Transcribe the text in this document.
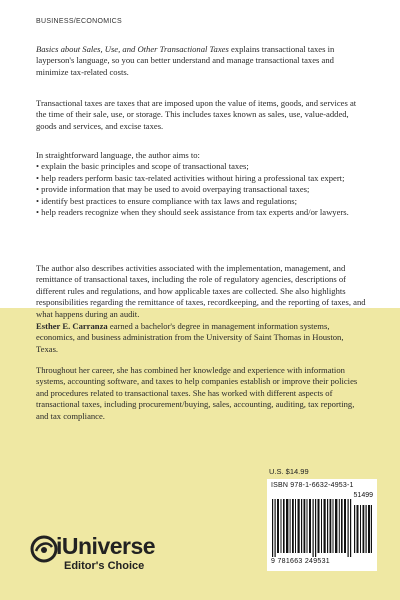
BUSINESS/ECONOMICS

Basics about Sales, Use, and Other Transactional Taxes explains transactional taxes in layperson's language, so you can better understand and manage transactional taxes and minimize tax-related costs.

Transactional taxes are taxes that are imposed upon the value of items, goods, and services at the time of their sale, use, or storage. This includes taxes known as sales, use, value-added, goods and services, and excise taxes.

In straightforward language, the author aims to:
• explain the basic principles and scope of transactional taxes;
• help readers perform basic tax-related activities without hiring a professional tax expert;
• provide information that may be used to avoid overpaying transactional taxes;
• identify best practices to ensure compliance with tax laws and regulations;
• help readers recognize when they should seek assistance from tax experts and/or lawyers.

The author also describes activities associated with the implementation, management, and remittance of transactional taxes, including the role of regulatory agencies, descriptions of different rules and regulations, and how applicable taxes are collected. She also highlights responsibilities regarding the remittance of taxes, recordkeeping, and the reporting of taxes, and what happens during an audit.

Esther E. Carranza earned a bachelor's degree in management information systems, economics, and business administration from the University of Saint Thomas in Houston, Texas.

Throughout her career, she has combined her knowledge and experience with information systems, accounting software, and taxes to help companies establish or improve their policies and procedures related to transactional taxes. She has worked with different aspects of transactional taxes, including procurement/buying, sales, accounting, auditing, tax reporting, and tax compliance.

U.S. $14.99
ISBN 978-1-6632-4953-1
51499
9 781663 249531
iUniverse
Editor's Choice
